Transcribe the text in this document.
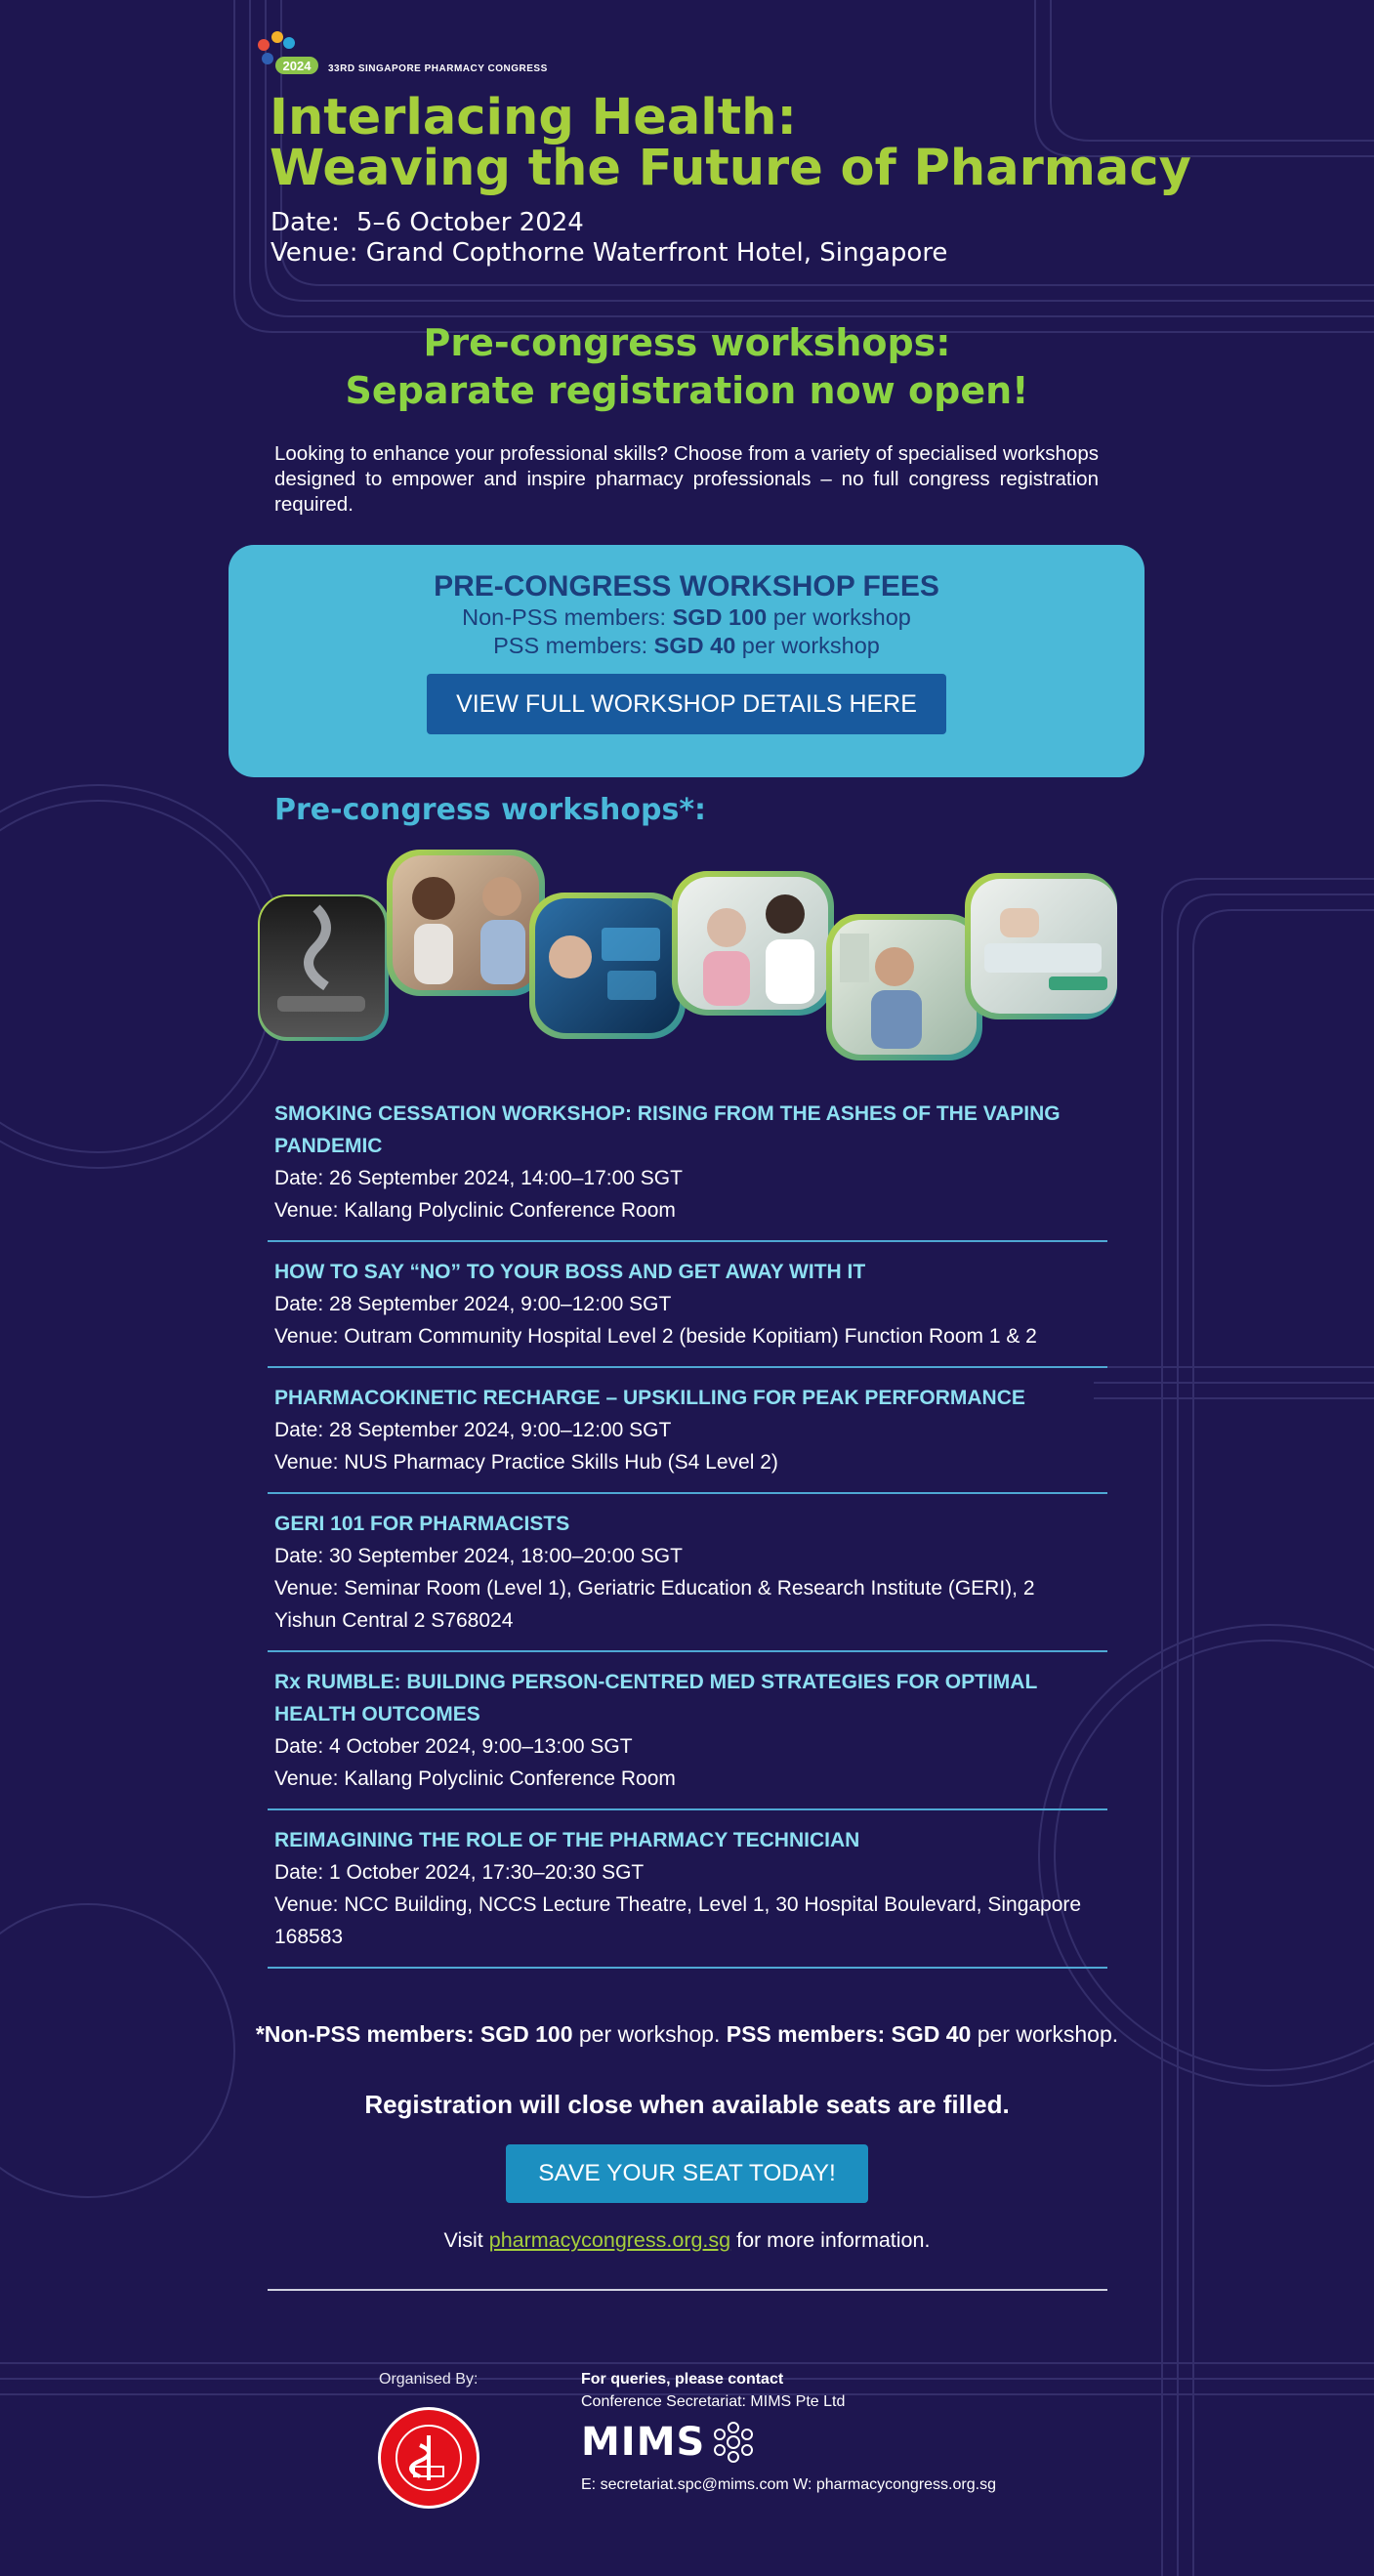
2024 33RD SINGAPORE PHARMACY CONGRESS
Interlacing Health:
Weaving the Future of Pharmacy
Date: 5–6 October 2024
Venue: Grand Copthorne Waterfront Hotel, Singapore
Pre-congress workshops:
Separate registration now open!
Looking to enhance your professional skills? Choose from a variety of specialised workshops designed to empower and inspire pharmacy professionals – no full congress registration required.
PRE-CONGRESS WORKSHOP FEES
Non-PSS members: SGD 100 per workshop
PSS members: SGD 40 per workshop
VIEW FULL WORKSHOP DETAILS HERE
Pre-congress workshops*:
SMOKING CESSATION WORKSHOP: RISING FROM THE ASHES OF THE VAPING PANDEMIC
Date: 26 September 2024, 14:00–17:00 SGT
Venue: Kallang Polyclinic Conference Room
HOW TO SAY “NO” TO YOUR BOSS AND GET AWAY WITH IT
Date: 28 September 2024, 9:00–12:00 SGT
Venue: Outram Community Hospital Level 2 (beside Kopitiam) Function Room 1 & 2
PHARMACOKINETIC RECHARGE – UPSKILLING FOR PEAK PERFORMANCE
Date: 28 September 2024, 9:00–12:00 SGT
Venue: NUS Pharmacy Practice Skills Hub (S4 Level 2)
GERI 101 FOR PHARMACISTS
Date: 30 September 2024, 18:00–20:00 SGT
Venue: Seminar Room (Level 1), Geriatric Education & Research Institute (GERI), 2 Yishun Central 2 S768024
Rx RUMBLE: BUILDING PERSON-CENTRED MED STRATEGIES FOR OPTIMAL HEALTH OUTCOMES
Date: 4 October 2024, 9:00–13:00 SGT
Venue: Kallang Polyclinic Conference Room
REIMAGINING THE ROLE OF THE PHARMACY TECHNICIAN
Date: 1 October 2024, 17:30–20:30 SGT
Venue: NCC Building, NCCS Lecture Theatre, Level 1, 30 Hospital Boulevard, Singapore 168583
*Non-PSS members: SGD 100 per workshop. PSS members: SGD 40 per workshop.
Registration will close when available seats are filled.
SAVE YOUR SEAT TODAY!
Visit pharmacycongress.org.sg for more information.
Organised By:	For queries, please contact
Conference Secretariat: MIMS Pte Ltd
MIMS
E: secretariat.spc@mims.com W: pharmacycongress.org.sg
